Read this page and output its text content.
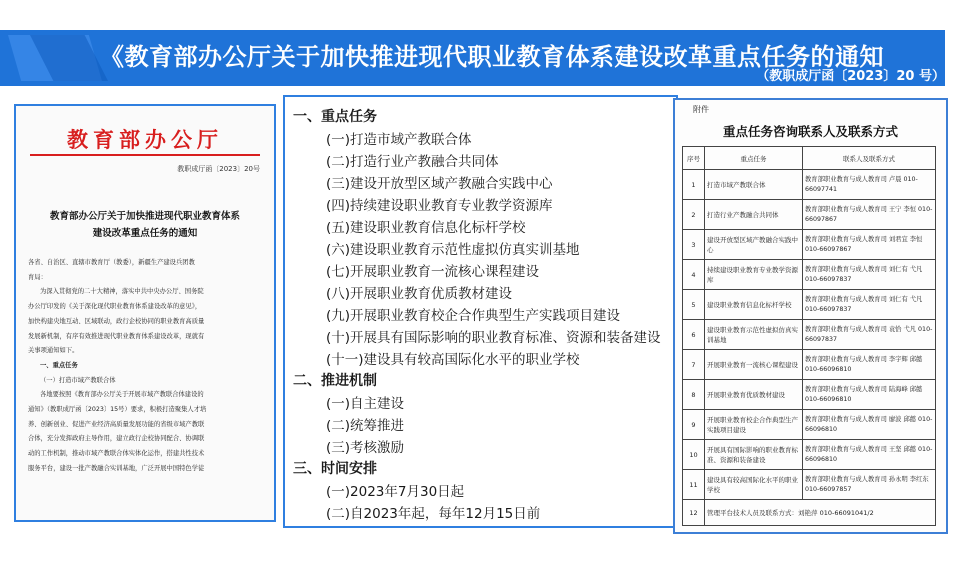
《教育部办公厅关于加快推进现代职业教育体系建设改革重点任务的通知
（教职成厅函〔2023〕20 号）
教育部办公厅
教职成厅函〔2023〕20号
教育部办公厅关于加快推进现代职业教育体系
建设改革重点任务的通知

各省、自治区、直辖市教育厅（教委），新疆生产建设兵团教

育局：

为深入贯彻党的二十大精神，落实中共中央办公厅、国务院

办公厅印发的《关于深化现代职业教育体系建设改革的意见》，

加快构建央地互动、区域联动，政行企校协同的职业教育高质量

发展新机制，有序有效推进现代职业教育体系建设改革，现就有

关事项通知如下。

一、重点任务

（一）打造市域产教联合体

各地要按照《教育部办公厅关于开展市域产教联合体建设的

通知》（教职成厅函〔2023〕15号）要求，积极打造聚集人才培

养、创新创业、促进产业经济高质量发展功能的省级市域产教联

合体，充分发挥政府主导作用，建立政行企校协同配合、协调联

动的工作机制，推动市域产教联合体实体化运作，搭建共性技术

服务平台，建设一批产教融合实训基地，广泛开展中国特色学徒

一、重点任务
(一)打造市域产教联合体
(二)打造行业产教融合共同体
(三)建设开放型区域产教融合实践中心
(四)持续建设职业教育专业教学资源库
(五)建设职业教育信息化标杆学校
(六)建设职业教育示范性虚拟仿真实训基地
(七)开展职业教育一流核心课程建设
(八)开展职业教育优质教材建设
(九)开展职业教育校企合作典型生产实践项目建设
(十)开展具有国际影响的职业教育标准、资源和装备建设
(十一)建设具有较高国际化水平的职业学校
二、推进机制
(一)自主建设
(二)统筹推进
(三)考核激励
三、时间安排
(一)2023年7月30日起
(二)自2023年起，每年12月15日前
附件
重点任务咨询联系人及联系方式
序号	重点任务	联系人及联系方式
1	打造市域产教联合体	教育部职业教育与成人教育司 卢晨 010-66097741
2	打造行业产教融合共同体	教育部职业教育与成人教育司 王宁 李恒 010-66097867
3	建设开放型区域产教融合实践中心	教育部职业教育与成人教育司 刘君宜 李恒 010-66097867
4	持续建设职业教育专业教学资源库	教育部职业教育与成人教育司 刘仁有 弋凡 010-66097837
5	建设职业教育信息化标杆学校	教育部职业教育与成人教育司 刘仁有 弋凡 010-66097837
6	建设职业教育示范性虚拟仿真实训基地	教育部职业教育与成人教育司 袁恰 弋凡 010-66097837
7	开展职业教育一流核心课程建设	教育部职业教育与成人教育司 李宇辉 邱懿 010-66096810
8	开展职业教育优质教材建设	教育部职业教育与成人教育司 陆海峰 邱懿 010-66096810
9	开展职业教育校企合作典型生产实践项目建设	教育部职业教育与成人教育司 廖波 邱懿 010-66096810
10	开展具有国际影响的职业教育标准、资源和装备建设	教育部职业教育与成人教育司 王坚 邱懿 010-66096810
11	建设具有较高国际化水平的职业学校	教育部职业教育与成人教育司 孙永明 李红东 010-66097857
12	管理平台技术人员及联系方式：刘艳萍 010-66091041/2	
